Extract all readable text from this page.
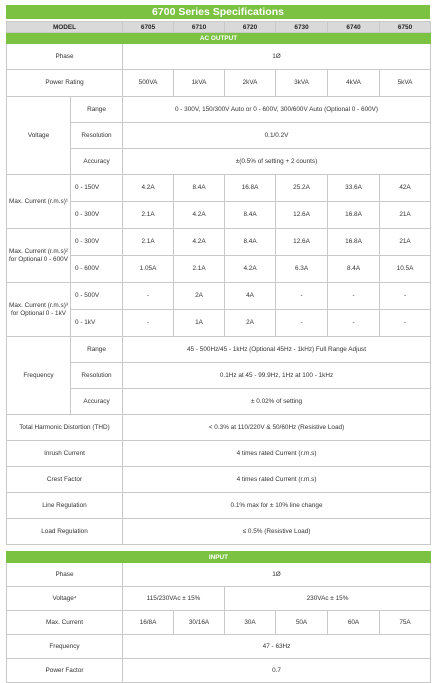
6700 Series Specifications
MODEL		6705	6710	6720	6730	6740	6750
AC OUTPUT							
Phase		1Ø					
Power Rating		500VA	1kVA	2kVA	3kVA	4kVA	5kVA
Voltage	Range	0 - 300V, 150/300V Auto or 0 - 600V, 300/600V Auto (Optional 0 - 600V)					
	Resolution	0.1/0.2V					
	Accuracy	±(0.5% of setting + 2 counts)					
Max. Current (r.m.s)¹	0 - 150V	4.2A	8.4A	16.8A	25.2A	33.6A	42A
	0 - 300V	2.1A	4.2A	8.4A	12.6A	16.8A	21A
Max. Current (r.m.s)² for Optional 0 - 600V	0 - 300V	2.1A	4.2A	8.4A	12.6A	16.8A	21A
	0 - 600V	1.05A	2.1A	4.2A	6.3A	8.4A	10.5A
Max. Current (r.m.s)³ for Optional 0 - 1kV	0 - 500V	-	2A	4A	-	-	-
	0 - 1kV	-	1A	2A	-	-	-
Frequency	Range	45 - 500Hz/45 - 1kHz (Optional 45Hz - 1kHz) Full Range Adjust					
	Resolution	0.1Hz at 45 - 99.9Hz, 1Hz at 100 - 1kHz					
	Accuracy	± 0.02% of setting					
Total Harmonic Distortion (THD)		< 0.3% at 110/220V & 50/60Hz (Resistive Load)					
Inrush Current		4 times rated Current (r.m.s)					
Crest Factor		4 times rated Current (r.m.s)					
Line Regulation		0.1% max for ± 10% line change					
Load Regulation		≤ 0.5% (Resistive Load)					

INPUT							
Phase		1Ø					
Voltage⁴		115/230VAc ± 15%		230VAc ± 15%			
Max. Current		16/8A	30/16A	30A	50A	60A	75A
Frequency		47 - 63Hz					
Power Factor		0.7					
